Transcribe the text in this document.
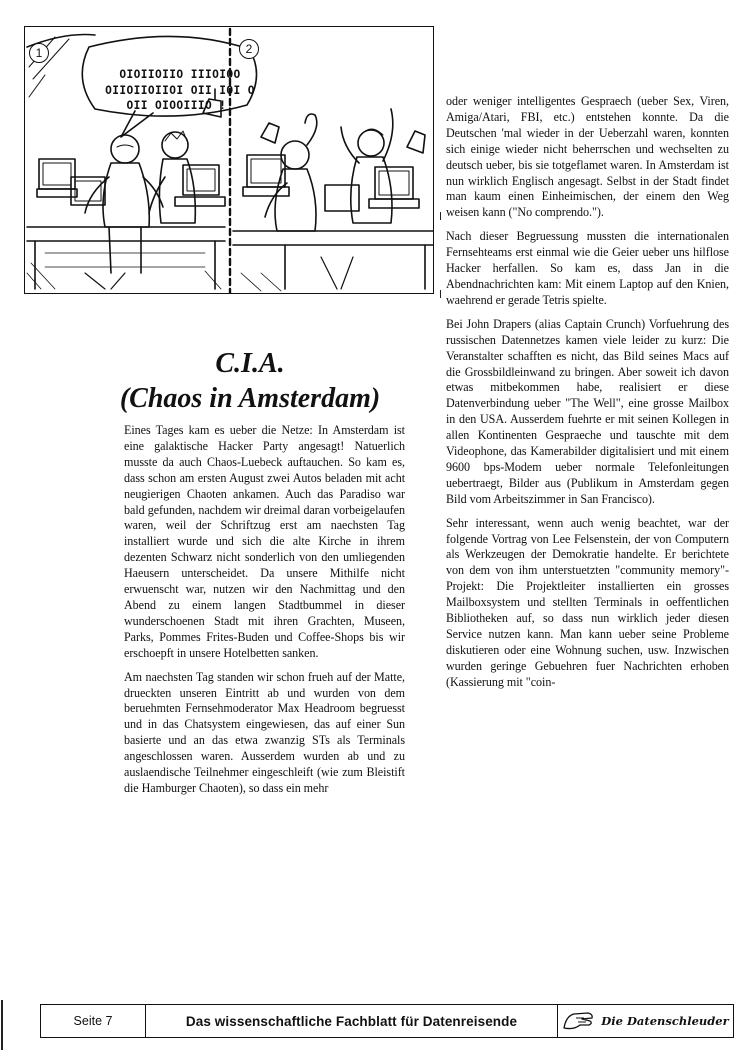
1	2
OIOIIOIIO IIIOIOO
OIIOIIOIIOI OII IOI O
OII OIOOIIIO !!
C.I.A.
(Chaos in Amsterdam)

Eines Tages kam es ueber die Netze: In Amsterdam ist eine galaktische Hacker Party angesagt! Natuerlich musste da auch Chaos-Luebeck auftauchen. So kam es, dass schon am ersten August zwei Autos beladen mit acht neugierigen Chaoten ankamen. Auch das Paradiso war bald gefunden, nachdem wir dreimal daran vorbeigelaufen waren, weil der Schriftzug erst am naechsten Tag installiert wurde und sich die alte Kirche in ihrem dezenten Schwarz nicht sonderlich von den umliegenden Haeusern unterscheidet. Da unsere Mithilfe nicht erwuenscht war, nutzen wir den Nachmittag und den Abend zu einem langen Stadtbummel in dieser wunderschoenen Stadt mit ihren Grachten, Museen, Parks, Pommes Frites-Buden und Coffee-Shops bis wir erschoepft in unsere Hotelbetten sanken.

Am naechsten Tag standen wir schon frueh auf der Matte, drueckten unseren Eintritt ab und wurden von dem beruehmten Fernsehmoderator Max Headroom begruesst und in das Chatsystem eingewiesen, das auf einer Sun basierte und an das etwa zwanzig STs als Terminals angeschlossen waren. Ausserdem wurden ab und zu auslaendische Teilnehmer eingeschleift (wie zum Bleistift die Hamburger Chaoten), so dass ein mehr

oder weniger intelligentes Gespraech (ueber Sex, Viren, Amiga/Atari, FBI, etc.) entstehen konnte. Da die Deutschen 'mal wieder in der Ueberzahl waren, konnten sich einige wieder nicht beherrschen und wechselten zu deutsch ueber, bis sie totgeflamet waren. In Amsterdam ist nun wirklich Englisch angesagt. Selbst in der Stadt findet man kaum einen Einheimischen, der einem den Weg weisen kann ("No comprendo.").

Nach dieser Begruessung mussten die internationalen Fernsehteams erst einmal wie die Geier ueber uns hilflose Hacker herfallen. So kam es, dass Jan in die Abendnachrichten kam: Mit einem Laptop auf den Knien, waehrend er gerade Tetris spielte.

Bei John Drapers (alias Captain Crunch) Vorfuehrung des russischen Datennetzes kamen viele leider zu kurz: Die Veranstalter schafften es nicht, das Bild seines Macs auf die Grossbildleinwand zu bringen. Aber soweit ich davon etwas mitbekommen habe, realisiert er diese Datenverbindung ueber "The Well", eine grosse Mailbox in den USA. Ausserdem fuehrte er mit seinen Kollegen in allen Kontinenten Gespraeche und tauschte mit dem Videophone, das Kamerabilder digitalisiert und mit einem 9600 bps-Modem ueber normale Telefonleitungen uebertraegt, Bilder aus (Publikum in Amsterdam gegen Bild vom Arbeitszimmer in San Francisco).

Sehr interessant, wenn auch wenig beachtet, war der folgende Vortrag von Lee Felsenstein, der von Computern als Werkzeugen der Demokratie handelte. Er berichtete von dem von ihm unterstuetzten "community memory"-Projekt: Die Projektleiter installierten ein grosses Mailboxsystem und stellten Terminals in oeffentlichen Bibliotheken auf, so dass nun wirklich jeder diesen Service nutzen kann. Man kann ueber seine Probleme diskutieren oder eine Wohnung suchen, usw. Inzwischen wurden geringe Gebuehren fuer Nachrichten erhoben (Kassierung mit "coin-

Seite 7	Das wissenschaftliche Fachblatt für Datenreisende	Die Datenschleuder
